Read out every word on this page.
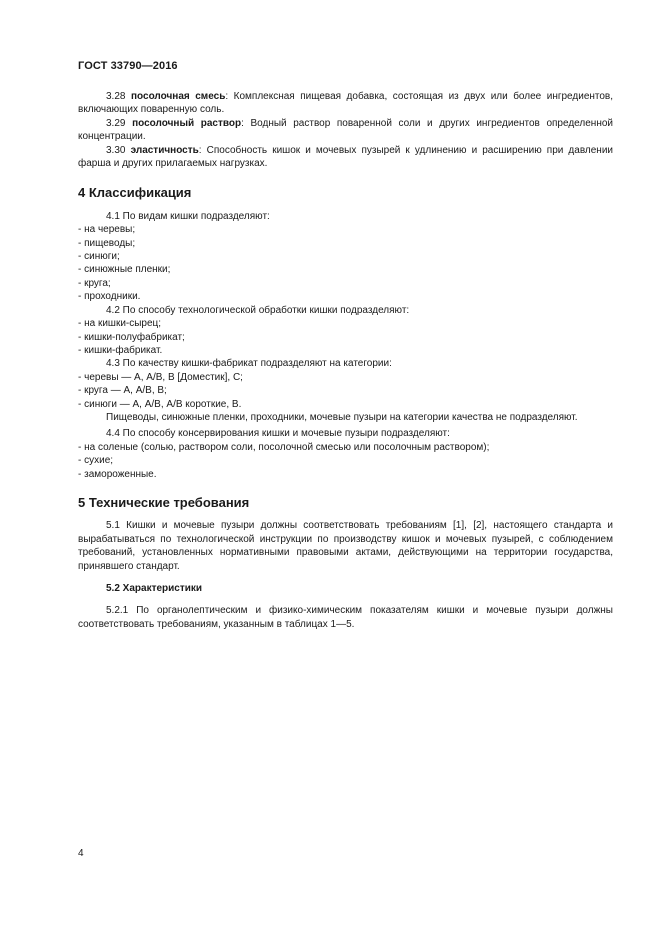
ГОСТ 33790—2016

3.28 посолочная смесь: Комплексная пищевая добавка, состоящая из двух или более ингредиентов, включающих поваренную соль.

3.29 посолочный раствор: Водный раствор поваренной соли и других ингредиентов определенной концентрации.

3.30 эластичность: Способность кишок и мочевых пузырей к удлинению и расширению при давлении фарша и других прилагаемых нагрузках.

4 Классификация

4.1 По видам кишки подразделяют:

- на черевы;

- пищеводы;

- синюги;

- синюжные пленки;

- круга;

- проходники.

4.2 По способу технологической обработки кишки подразделяют:

- на кишки-сырец;

- кишки-полуфабрикат;

- кишки-фабрикат.

4.3 По качеству кишки-фабрикат подразделяют на категории:

- черевы — А, А/В, В [Доместик], С;

- круга — А, А/В, В;

- синюги — А, А/В, А/В короткие, В.

Пищеводы, синюжные пленки, проходники, мочевые пузыри на категории качества не подразделяют.

4.4 По способу консервирования кишки и мочевые пузыри подразделяют:

- на соленые (солью, раствором соли, посолочной смесью или посолочным раствором);

- сухие;

- замороженные.

5 Технические требования

5.1 Кишки и мочевые пузыри должны соответствовать требованиям [1], [2], настоящего стандарта и вырабатываться по технологической инструкции по производству кишок и мочевых пузырей, с соблюдением требований, установленных нормативными правовыми актами, действующими на территории государства, принявшего стандарт.

5.2 Характеристики

5.2.1 По органолептическим и физико-химическим показателям кишки и мочевые пузыри должны соответствовать требованиям, указанным в таблицах 1—5.

4
